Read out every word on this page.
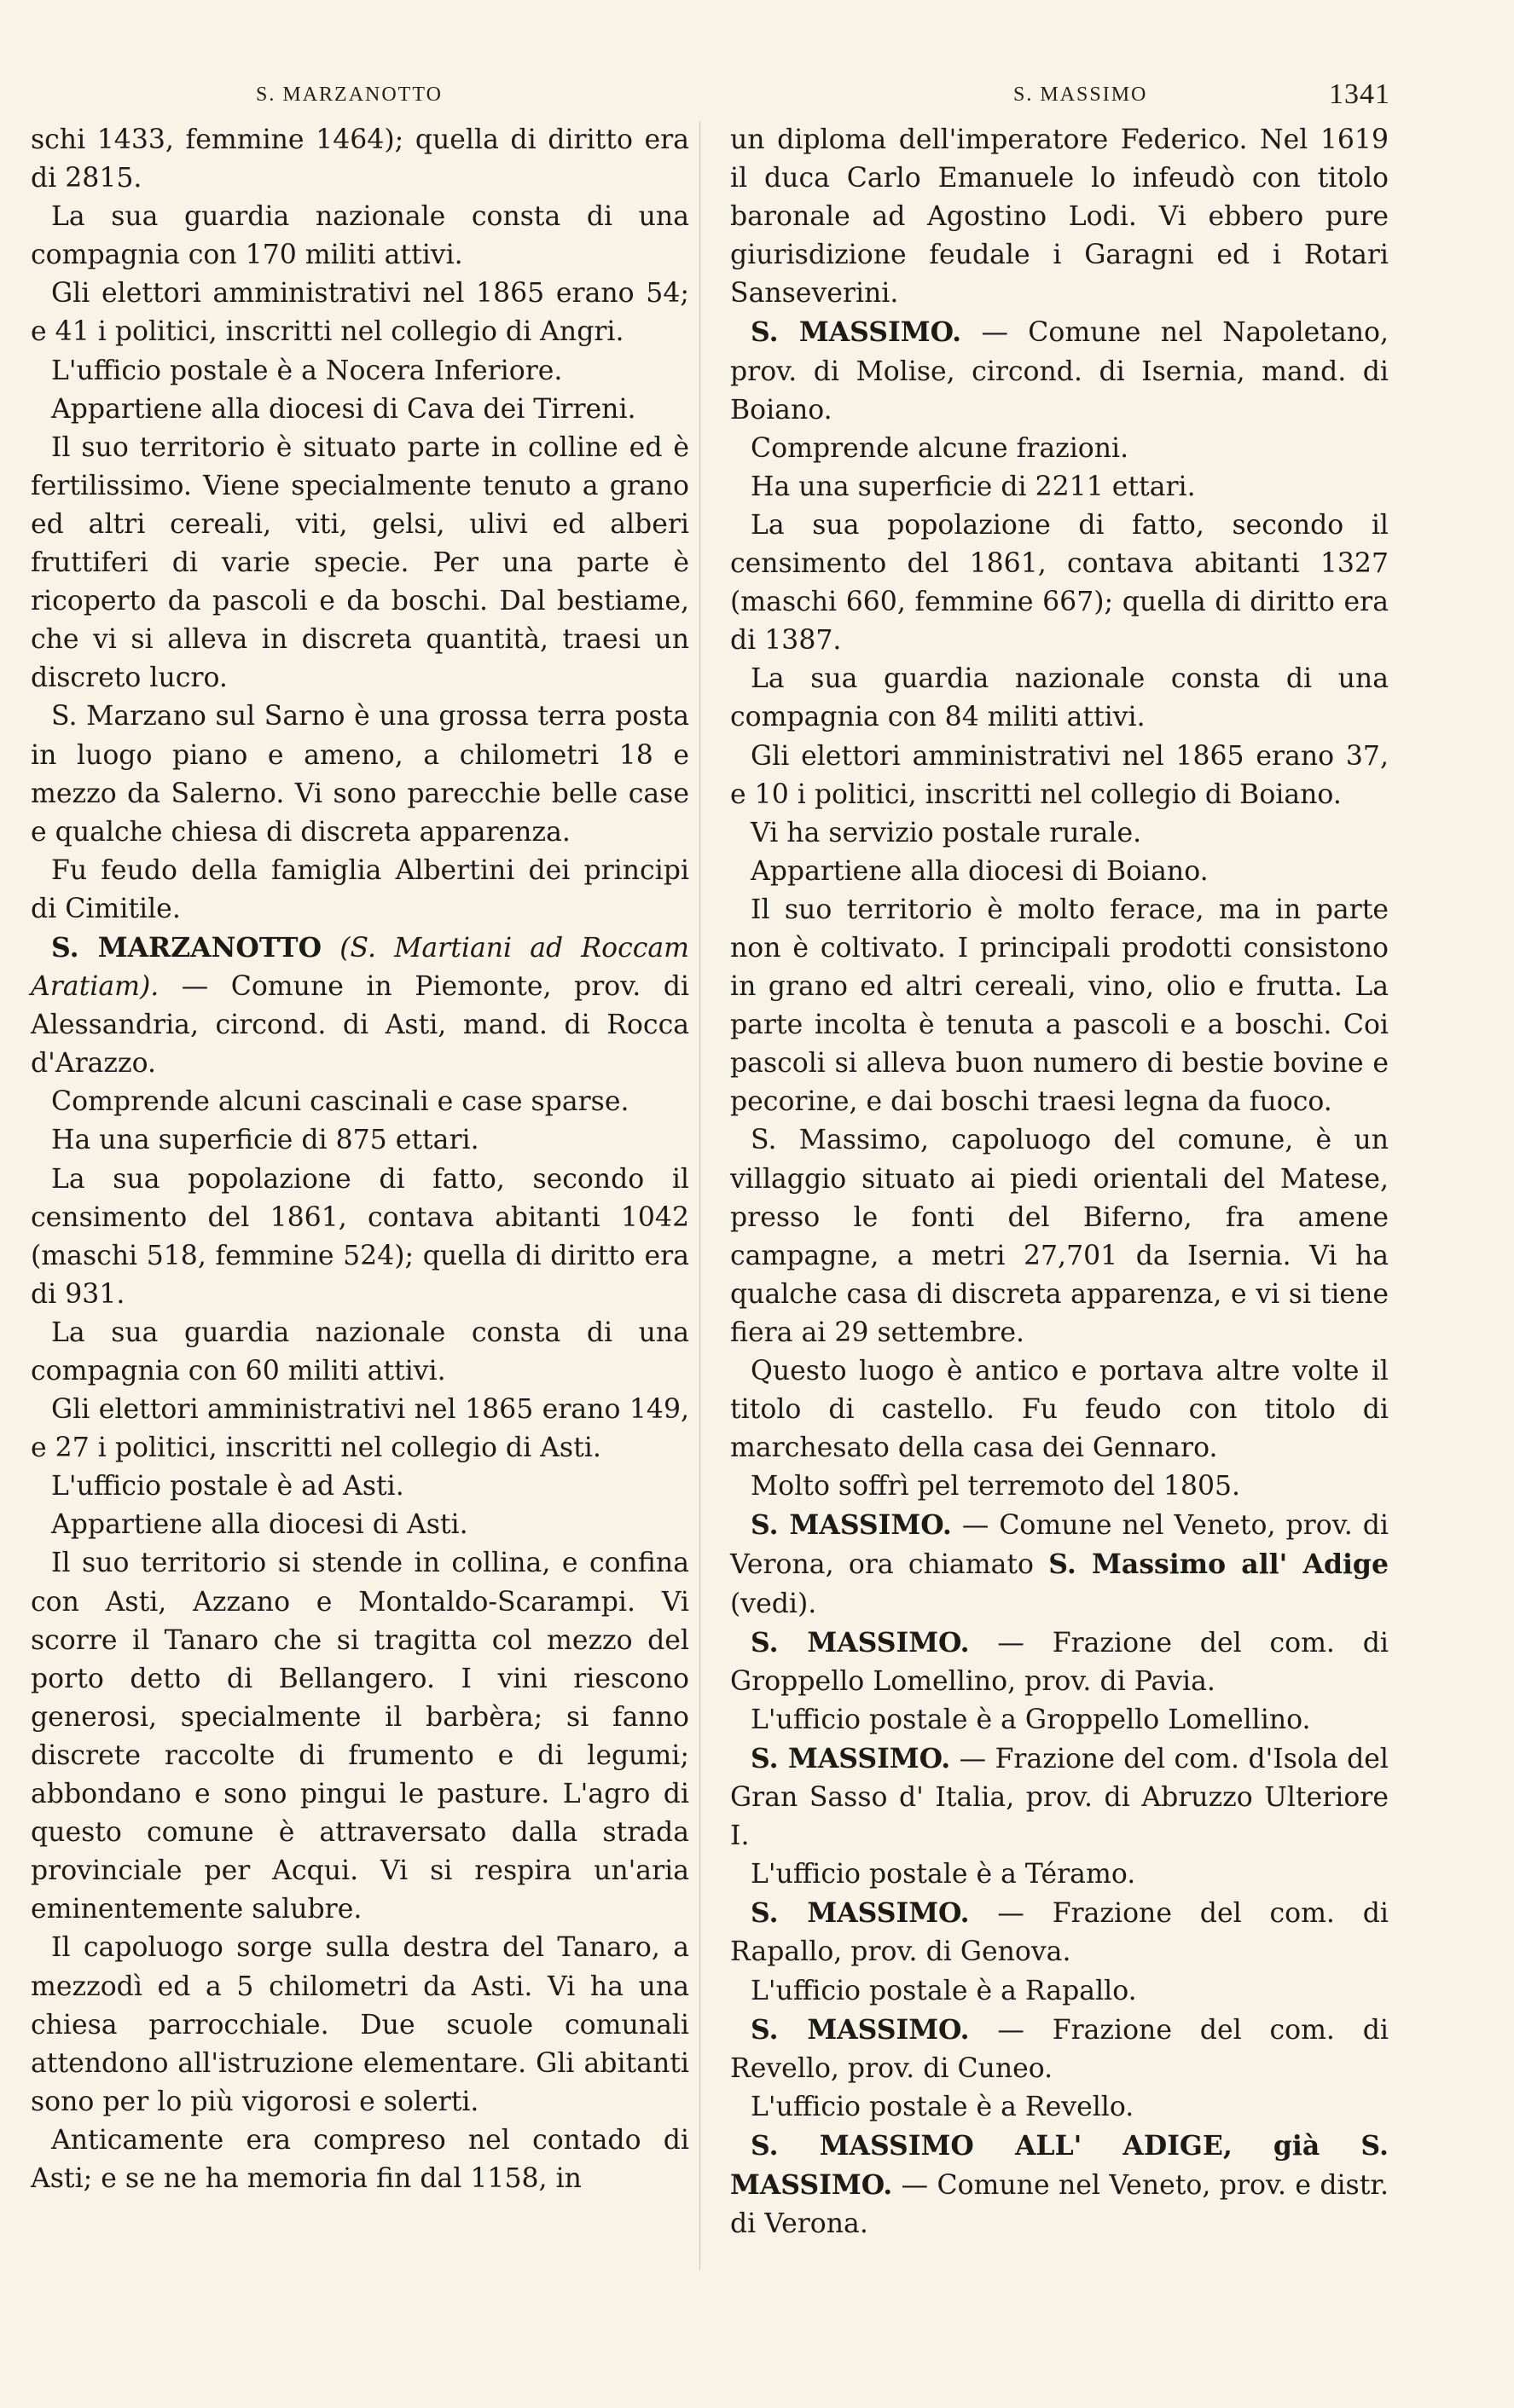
S. MARZANOTTO	S. MASSIMO	1341

schi 1433, femmine 1464); quella di diritto era di 2815.

La sua guardia nazionale consta di una compagnia con 170 militi attivi.

Gli elettori amministrativi nel 1865 erano 54; e 41 i politici, inscritti nel collegio di Angri.

L'ufficio postale è a Nocera Inferiore.

Appartiene alla diocesi di Cava dei Tirreni.

Il suo territorio è situato parte in colline ed è fertilissimo. Viene specialmente tenuto a grano ed altri cereali, viti, gelsi, ulivi ed alberi fruttiferi di varie specie. Per una parte è ricoperto da pascoli e da boschi. Dal bestiame, che vi si alleva in discreta quantità, traesi un discreto lucro.

S. Marzano sul Sarno è una grossa terra posta in luogo piano e ameno, a chilometri 18 e mezzo da Salerno. Vi sono parecchie belle case e qualche chiesa di discreta apparenza.

Fu feudo della famiglia Albertini dei principi di Cimitile.

S. MARZANOTTO (S. Martiani ad Roccam Aratiam). — Comune in Piemonte, prov. di Alessandria, circond. di Asti, mand. di Rocca d'Arazzo.

Comprende alcuni cascinali e case sparse.

Ha una superficie di 875 ettari.

La sua popolazione di fatto, secondo il censimento del 1861, contava abitanti 1042 (maschi 518, femmine 524); quella di diritto era di 931.

La sua guardia nazionale consta di una compagnia con 60 militi attivi.

Gli elettori amministrativi nel 1865 erano 149, e 27 i politici, inscritti nel collegio di Asti.

L'ufficio postale è ad Asti.

Appartiene alla diocesi di Asti.

Il suo territorio si stende in collina, e confina con Asti, Azzano e Montaldo-Scarampi. Vi scorre il Tanaro che si tragitta col mezzo del porto detto di Bellangero. I vini riescono generosi, specialmente il barbèra; si fanno discrete raccolte di frumento e di legumi; abbondano e sono pingui le pasture. L'agro di questo comune è attraversato dalla strada provinciale per Acqui. Vi si respira un'aria eminentemente salubre.

Il capoluogo sorge sulla destra del Tanaro, a mezzodì ed a 5 chilometri da Asti. Vi ha una chiesa parrocchiale. Due scuole comunali attendono all'istruzione elementare. Gli abitanti sono per lo più vigorosi e solerti.

Anticamente era compreso nel contado di Asti; e se ne ha memoria fin dal 1158, in

un diploma dell'imperatore Federico. Nel 1619 il duca Carlo Emanuele lo infeudò con titolo baronale ad Agostino Lodi. Vi ebbero pure giurisdizione feudale i Garagni ed i Rotari Sanseverini.

S. MASSIMO. — Comune nel Napoletano, prov. di Molise, circond. di Isernia, mand. di Boiano.

Comprende alcune frazioni.

Ha una superficie di 2211 ettari.

La sua popolazione di fatto, secondo il censimento del 1861, contava abitanti 1327 (maschi 660, femmine 667); quella di diritto era di 1387.

La sua guardia nazionale consta di una compagnia con 84 militi attivi.

Gli elettori amministrativi nel 1865 erano 37, e 10 i politici, inscritti nel collegio di Boiano.

Vi ha servizio postale rurale.

Appartiene alla diocesi di Boiano.

Il suo territorio è molto ferace, ma in parte non è coltivato. I principali prodotti consistono in grano ed altri cereali, vino, olio e frutta. La parte incolta è tenuta a pascoli e a boschi. Coi pascoli si alleva buon numero di bestie bovine e pecorine, e dai boschi traesi legna da fuoco.

S. Massimo, capoluogo del comune, è un villaggio situato ai piedi orientali del Matese, presso le fonti del Biferno, fra amene campagne, a metri 27,701 da Isernia. Vi ha qualche casa di discreta apparenza, e vi si tiene fiera ai 29 settembre.

Questo luogo è antico e portava altre volte il titolo di castello. Fu feudo con titolo di marchesato della casa dei Gennaro.

Molto soffrì pel terremoto del 1805.

S. MASSIMO. — Comune nel Veneto, prov. di Verona, ora chiamato S. Massimo all' Adige (vedi).

S. MASSIMO. — Frazione del com. di Groppello Lomellino, prov. di Pavia.

L'ufficio postale è a Groppello Lomellino.

S. MASSIMO. — Frazione del com. d'Isola del Gran Sasso d' Italia, prov. di Abruzzo Ulteriore I.

L'ufficio postale è a Téramo.

S. MASSIMO. — Frazione del com. di Rapallo, prov. di Genova.

L'ufficio postale è a Rapallo.

S. MASSIMO. — Frazione del com. di Revello, prov. di Cuneo.

L'ufficio postale è a Revello.

S. MASSIMO ALL' ADIGE, già S. MASSIMO. — Comune nel Veneto, prov. e distr. di Verona.
